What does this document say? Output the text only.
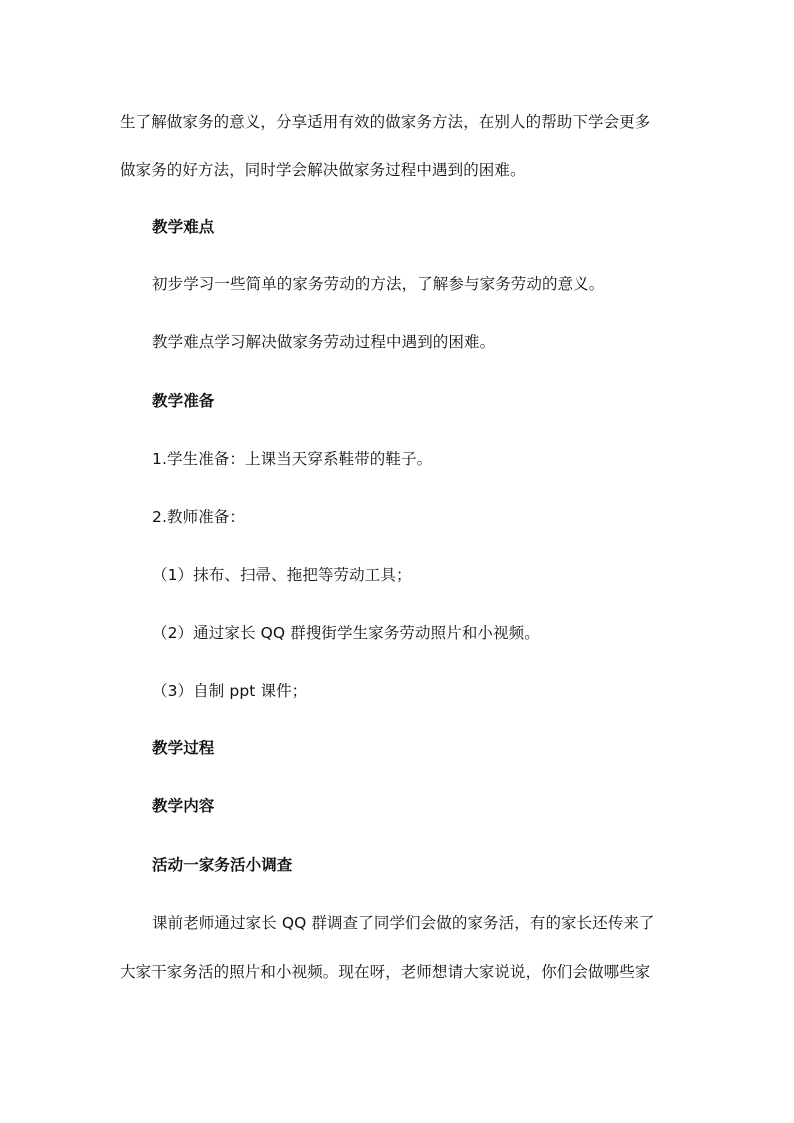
生了解做家务的意义，分享适用有效的做家务方法，在别人的帮助下学会更多
做家务的好方法，同时学会解决做家务过程中遇到的困难。
教学难点
初步学习一些简单的家务劳动的方法，了解参与家务劳动的意义。
教学难点学习解决做家务劳动过程中遇到的困难。
教学准备
1.学生准备：上课当天穿系鞋带的鞋子。
2.教师准备：
（1）抹布、扫帚、拖把等劳动工具；
（2）通过家长 QQ 群搜街学生家务劳动照片和小视频。
（3）自制 ppt 课件；
教学过程
教学内容
活动一家务活小调查
课前老师通过家长 QQ 群调查了同学们会做的家务活，有的家长还传来了
大家干家务活的照片和小视频。现在呀，老师想请大家说说，你们会做哪些家
